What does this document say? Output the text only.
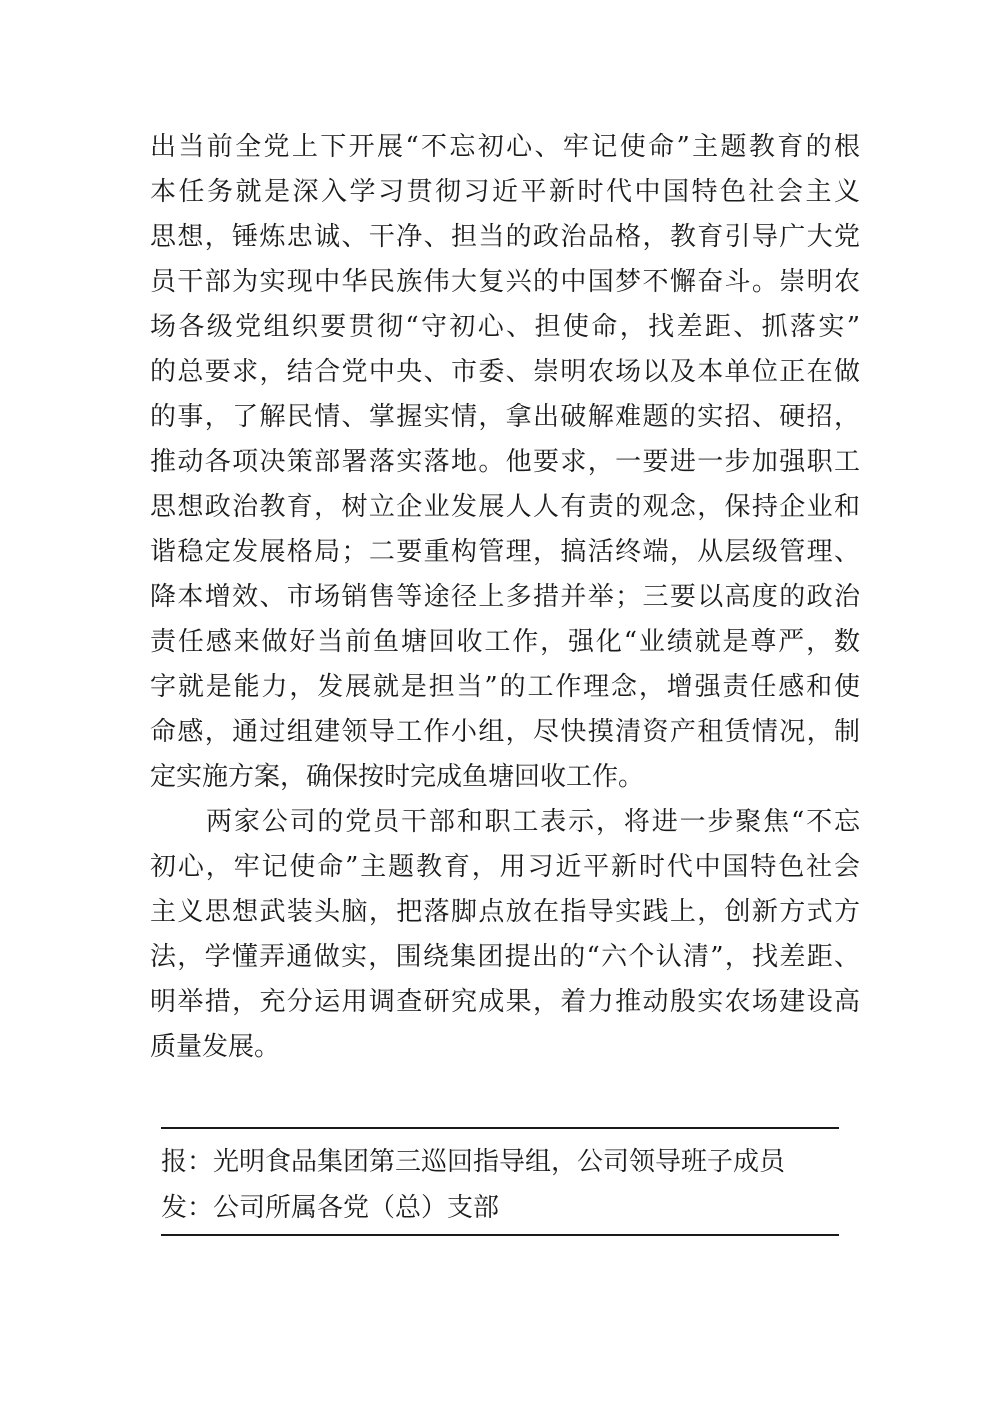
出当前全党上下开展“不忘初心、牢记使命”主题教育的根
本任务就是深入学习贯彻习近平新时代中国特色社会主义
思想，锤炼忠诚、干净、担当的政治品格，教育引导广大党
员干部为实现中华民族伟大复兴的中国梦不懈奋斗。崇明农
场各级党组织要贯彻“守初心、担使命，找差距、抓落实”
的总要求，结合党中央、市委、崇明农场以及本单位正在做
的事，了解民情、掌握实情，拿出破解难题的实招、硬招，
推动各项决策部署落实落地。他要求，一要进一步加强职工
思想政治教育，树立企业发展人人有责的观念，保持企业和
谐稳定发展格局；二要重构管理，搞活终端，从层级管理、
降本增效、市场销售等途径上多措并举；三要以高度的政治
责任感来做好当前鱼塘回收工作，强化“业绩就是尊严，数
字就是能力，发展就是担当”的工作理念，增强责任感和使
命感，通过组建领导工作小组，尽快摸清资产租赁情况，制
定实施方案，确保按时完成鱼塘回收工作。
两家公司的党员干部和职工表示，将进一步聚焦“不忘
初心，牢记使命”主题教育，用习近平新时代中国特色社会
主义思想武装头脑，把落脚点放在指导实践上，创新方式方
法，学懂弄通做实，围绕集团提出的“六个认清”，找差距、
明举措，充分运用调查研究成果，着力推动殷实农场建设高
质量发展。
报：光明食品集团第三巡回指导组，公司领导班子成员
发：公司所属各党（总）支部
